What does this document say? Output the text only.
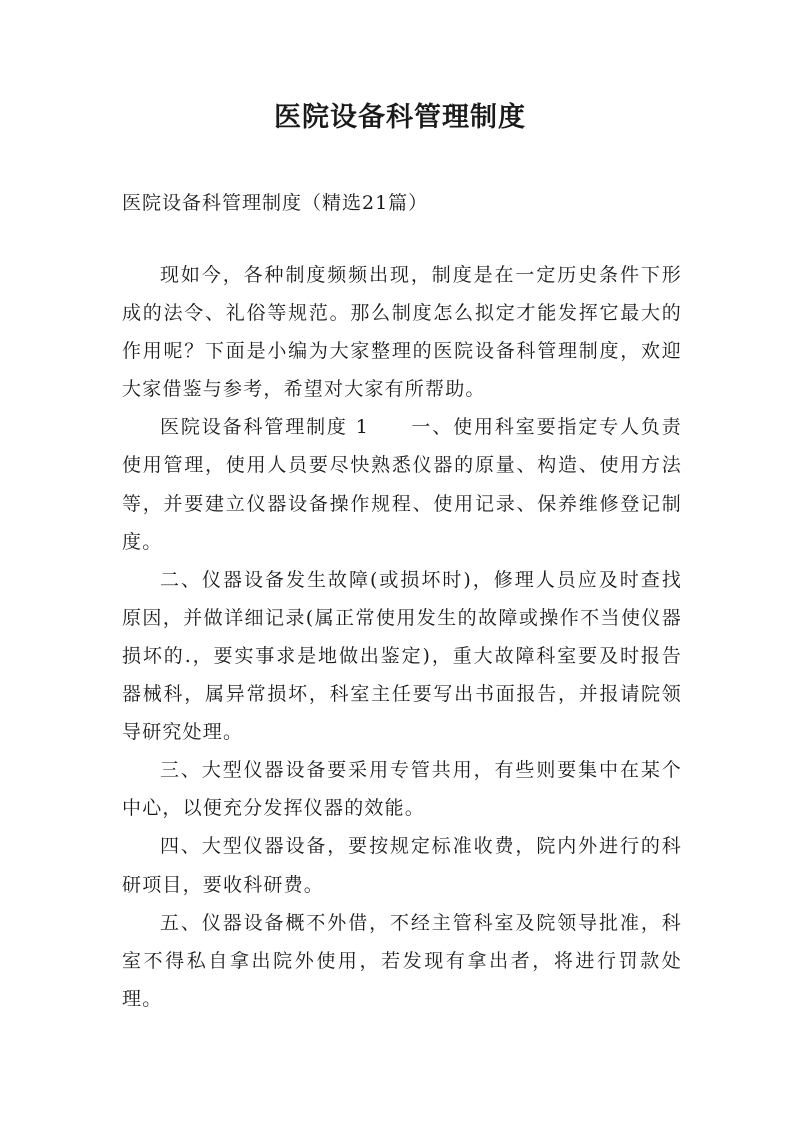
医院设备科管理制度
医院设备科管理制度（精选21篇）

现如今，各种制度频频出现，制度是在一定历史条件下形成的法令、礼俗等规范。那么制度怎么拟定才能发挥它最大的作用呢？下面是小编为大家整理的医院设备科管理制度，欢迎大家借鉴与参考，希望对大家有所帮助。

医院设备科管理制度 1　　一、使用科室要指定专人负责使用管理，使用人员要尽快熟悉仪器的原量、构造、使用方法等，并要建立仪器设备操作规程、使用记录、保养维修登记制度。

二、仪器设备发生故障(或损坏时)，修理人员应及时查找原因，并做详细记录(属正常使用发生的故障或操作不当使仪器损坏的.，要实事求是地做出鉴定)，重大故障科室要及时报告器械科，属异常损坏，科室主任要写出书面报告，并报请院领导研究处理。

三、大型仪器设备要采用专管共用，有些则要集中在某个中心，以便充分发挥仪器的效能。

四、大型仪器设备，要按规定标准收费，院内外进行的科研项目，要收科研费。

五、仪器设备概不外借，不经主管科室及院领导批准，科室不得私自拿出院外使用，若发现有拿出者，将进行罚款处理。
